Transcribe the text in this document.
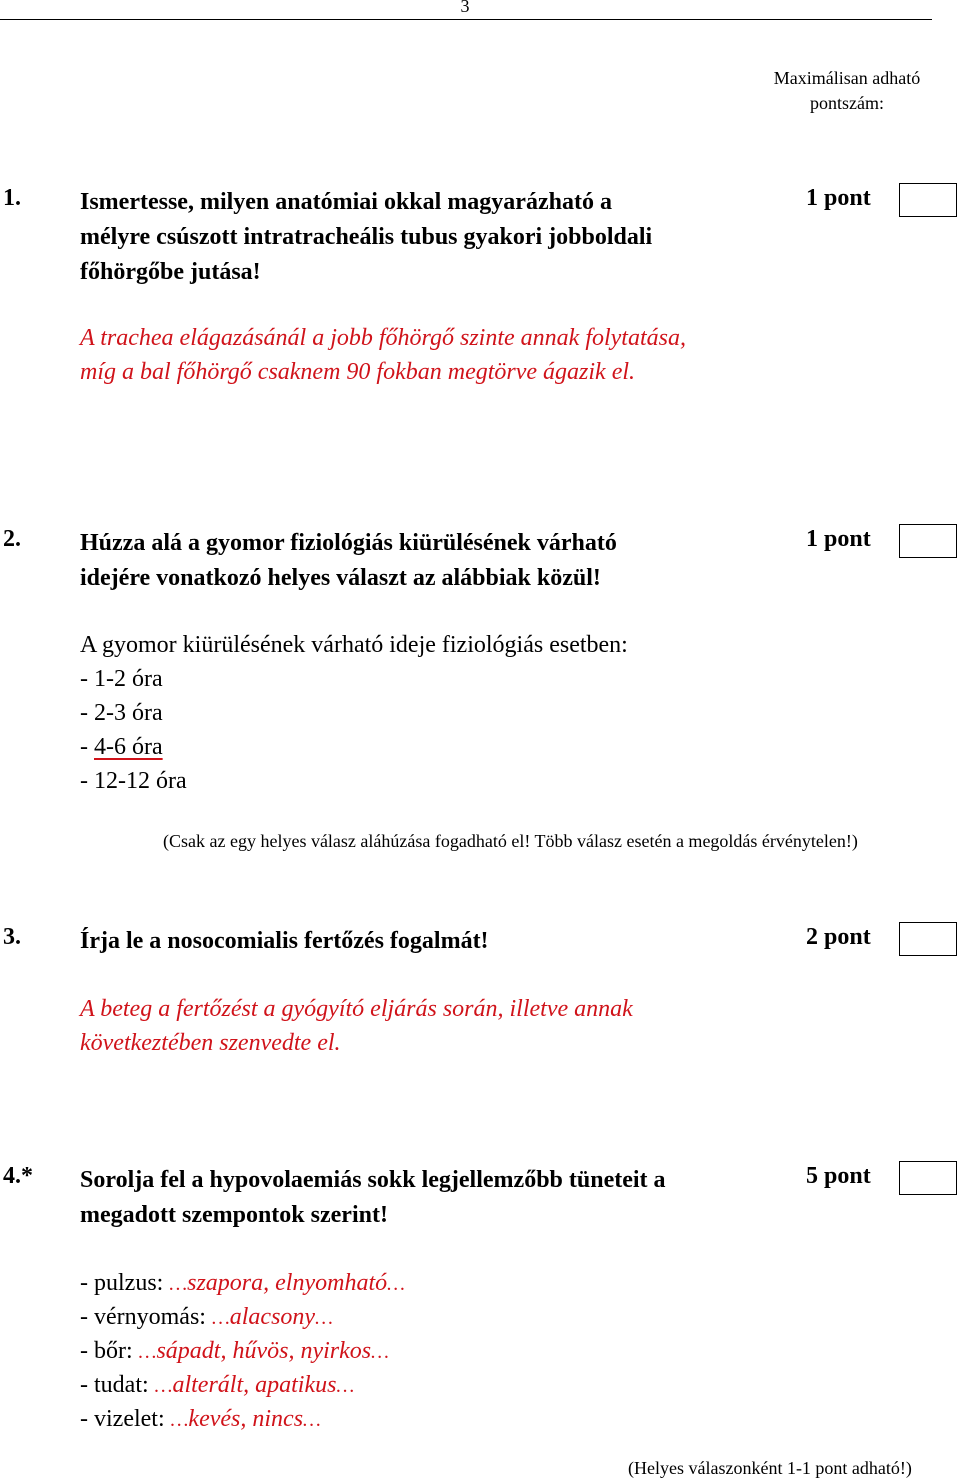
3
Maximálisan adható pontszám:
1. Ismertesse, milyen anatómiai okkal magyarázható a
mélyre csúszott intratracheális tubus gyakori jobboldali
főhörgőbe jutása!
1 pont
A trachea elágazásánál a jobb főhörgő szinte annak folytatása,
míg a bal főhörgő csaknem 90 fokban megtörve ágazik el.
2. Húzza alá a gyomor fiziológiás kiürülésének várható
idejére vonatkozó helyes választ az alábbiak közül!
1 pont
A gyomor kiürülésének várható ideje fiziológiás esetben:
- 1-2 óra
- 2-3 óra
- 4-6 óra
- 12-12 óra
(Csak az egy helyes válasz aláhúzása fogadható el! Több válasz esetén a megoldás érvénytelen!)
3. Írja le a nosocomialis fertőzés fogalmát!	2 pont
A beteg a fertőzést a gyógyító eljárás során, illetve annak
következtében szenvedte el.
4.* Sorolja fel a hypovolaemiás sokk legjellemzőbb tüneteit a
megadott szempontok szerint!
5 pont
- pulzus: …szapora, elnyomható…
- vérnyomás: …alacsony…
- bőr: …sápadt, hűvös, nyirkos…
- tudat: …alterált, apatikus…
- vizelet: …kevés, nincs…
(Helyes válaszonként 1-1 pont adható!)
